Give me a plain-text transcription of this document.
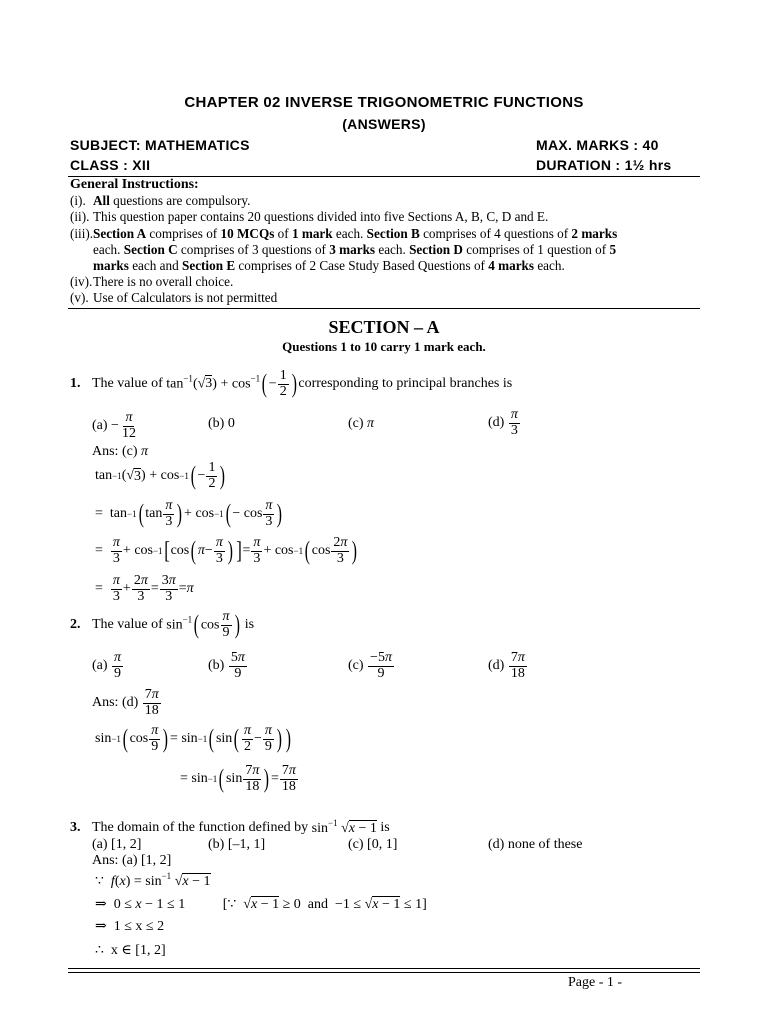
CHAPTER 02 INVERSE TRIGONOMETRIC FUNCTIONS
(ANSWERS)
SUBJECT: MATHEMATICS	MAX. MARKS : 40
CLASS : XII	DURATION : 1½ hrs
General Instructions:
(i). All questions are compulsory.
(ii). This question paper contains 20 questions divided into five Sections A, B, C, D and E.
(iii).Section A comprises of 10 MCQs of 1 mark each. Section B comprises of 4 questions of 2 marks
each. Section C comprises of 3 questions of 3 marks each. Section D comprises of 1 question of 5
marks each and Section E comprises of 2 Case Study Based Questions of 4 marks each.
(iv).There is no overall choice.
(v). Use of Calculators is not permitted
SECTION – A
Questions 1 to 10 carry 1 mark each.
1. The value of
$\tan^{-1}(√3) + \cos^{-1}( - \frac{1}{2}$ ) corresponding to principal branches is
$(a) - \frac{\pi}{12}$	(b) 0	(c) π	(d)
$\frac{\pi}{3}$
Ans: (c) π
tan −1 (√ 3 ) + cos −1 ( − $\frac{1}{2}$ )
=  tan −1 ( $\tan \frac{\pi}{3}$ ) + cos −1 ( − $\cos \frac{\pi}{3}$ )
= $\frac{\pi}{3} + \cos -1$ [ cos ( $\pi - \frac{\pi}{3}$ ) ] = $\frac{\pi}{3} + \cos -1$ ( $\cos \frac{2\pi}{3}$ )
= $\frac{\pi}{3} + \frac{2\pi}{3} = \frac{3\pi}{3} = \pi$
2. The value of
$\sin^{-1}$( $\cos \frac{\pi}{9}$ )
is
(a)
$\frac{\pi}{9}$	(b)
$\frac{5\pi}{9}$	(c)
$\frac{-5\pi}{9}$	(d)
$\frac{7\pi}{18}$
Ans: (d)
$\frac{7\pi}{18}$
sin −1 ( $\cos \frac{\pi}{9}$ ) = sin −1 ( sin ( $\frac{\pi}{2} - \frac{\pi}{9}$ ) )
= sin −1 ( $\sin \frac{7\pi}{18}$ ) = $\frac{7\pi}{18}$
3. The domain of the function defined by
$\sin^{-1} √x - 1$
is
(a) [1, 2]	(b) [–1, 1]	(c) [0, 1]	(d) none of these
Ans: (a) [1, 2]
∵  $f(x) = \sin^{-1} √x - 1$
⇒  0 ≤ x − 1 ≤ 1 [∵  √x − 1 ≥ 0  and  −1 ≤ √x − 1 ≤ 1]
⇒  1 ≤ x ≤ 2
∴  x ∈ [1, 2]
Page - 1 -
